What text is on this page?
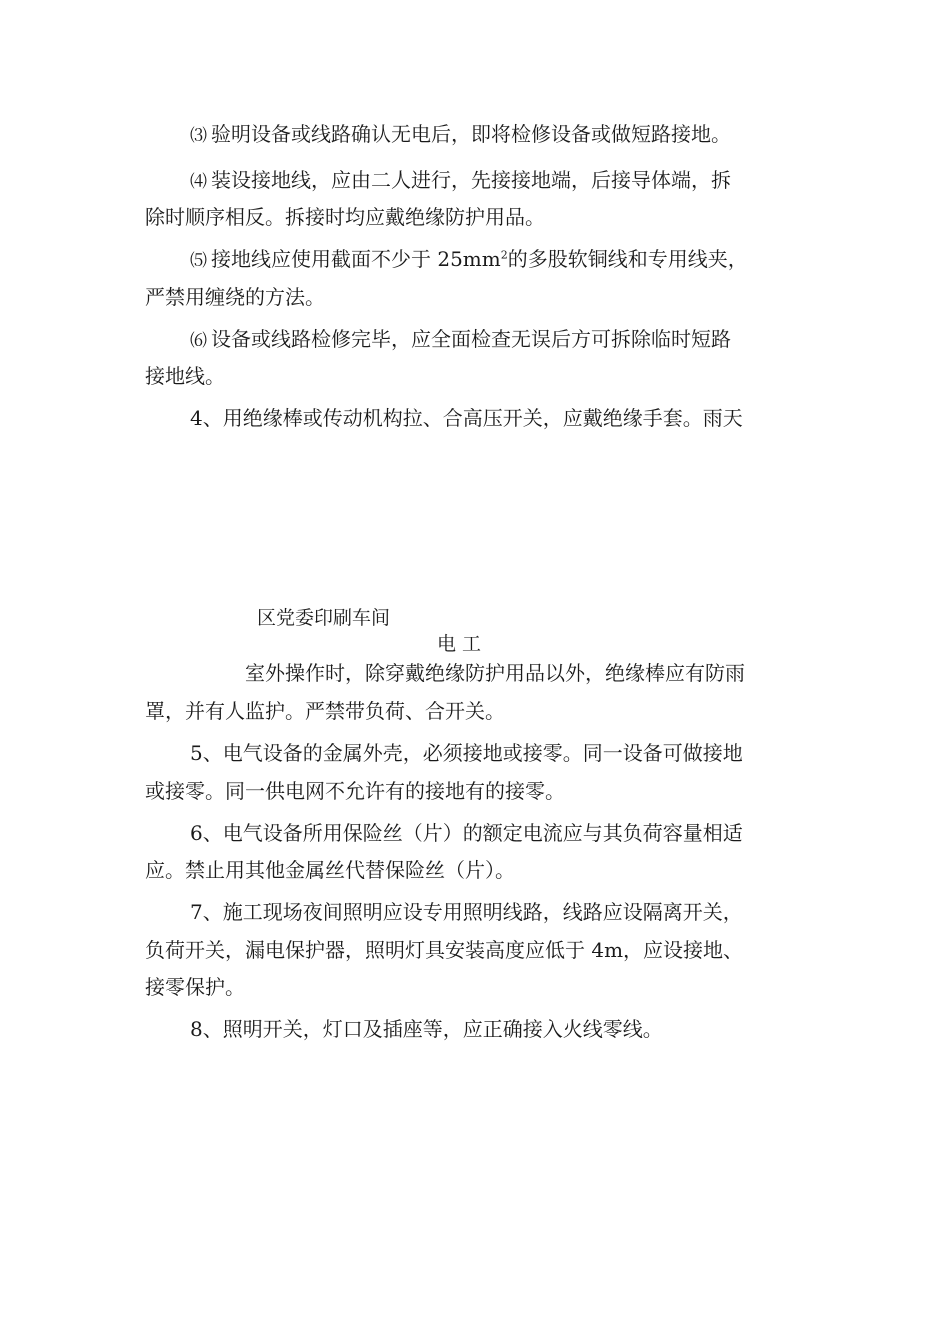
⑶ 验明设备或线路确认无电后，即将检修设备或做短路接地。
⑷ 装设接地线，应由二人进行，先接接地端，后接导体端，拆
除时顺序相反。拆接时均应戴绝缘防护用品。
⑸ 接地线应使用截面不少于 $25mm^2$的多股软铜线和专用线夹，
严禁用缠绕的方法。
⑹ 设备或线路检修完毕，应全面检查无误后方可拆除临时短路
接地线。
4、用绝缘棒或传动机构拉、合高压开关，应戴绝缘手套。雨天
区党委印刷车间
电工
室外操作时，除穿戴绝缘防护用品以外，绝缘棒应有防雨
罩，并有人监护。严禁带负荷、合开关。
5、电气设备的金属外壳，必须接地或接零。同一设备可做接地
或接零。同一供电网不允许有的接地有的接零。
6、电气设备所用保险丝（片）的额定电流应与其负荷容量相适
应。禁止用其他金属丝代替保险丝（片）。
7、施工现场夜间照明应设专用照明线路，线路应设隔离开关，
负荷开关，漏电保护器，照明灯具安装高度应低于 4m，应设接地、
接零保护。
8、照明开关，灯口及插座等，应正确接入火线零线。
